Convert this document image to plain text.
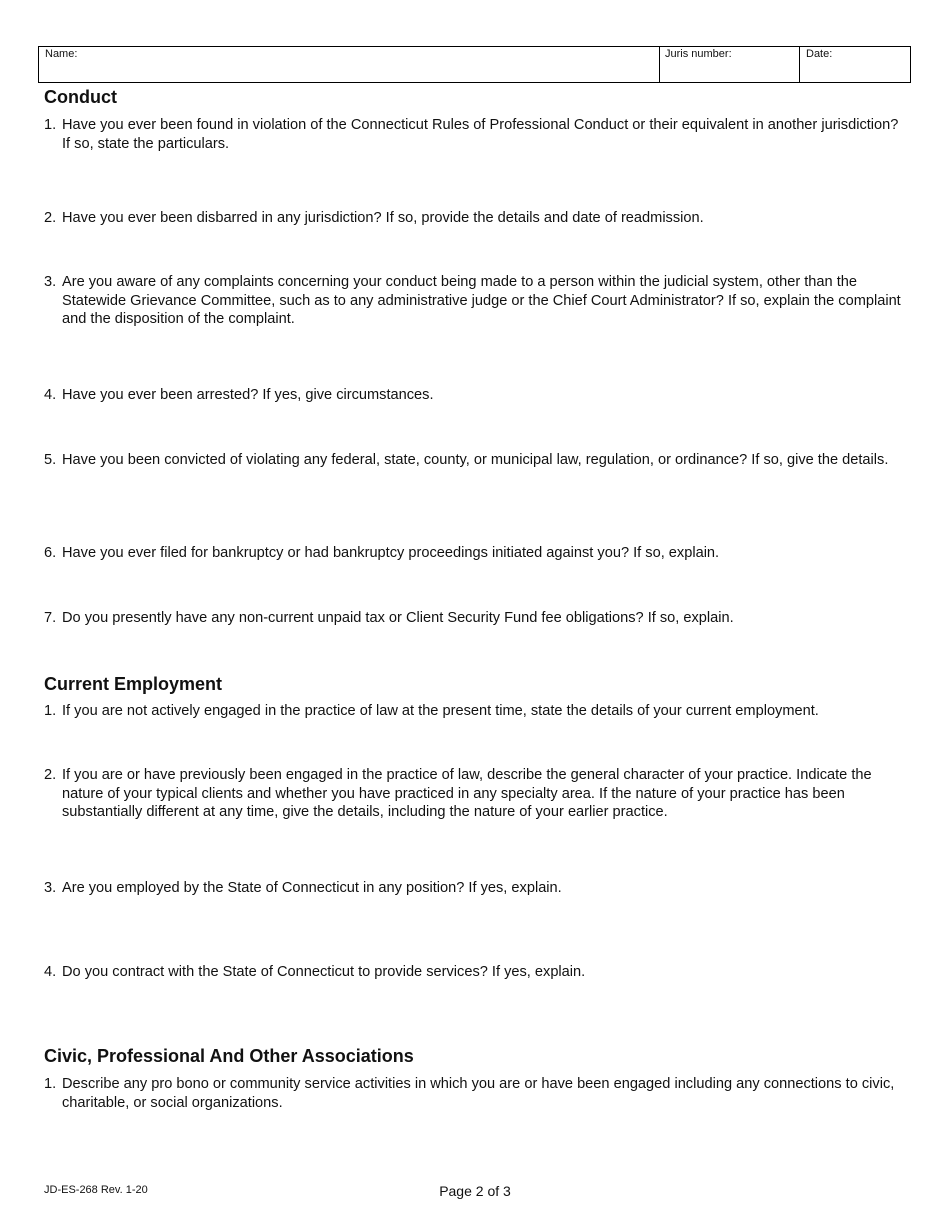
Name:	Juris number:	Date:
Conduct
1. Have you ever been found in violation of the Connecticut Rules of Professional Conduct or their equivalent in another jurisdiction? If so, state the particulars.
2. Have you ever been disbarred in any jurisdiction? If so, provide the details and date of readmission.
3. Are you aware of any complaints concerning your conduct being made to a person within the judicial system, other than the Statewide Grievance Committee, such as to any administrative judge or the Chief Court Administrator? If so, explain the complaint and the disposition of the complaint.
4. Have you ever been arrested? If yes, give circumstances.
5. Have you been convicted of violating any federal, state, county, or municipal law, regulation, or ordinance? If so, give the details.
6. Have you ever filed for bankruptcy or had bankruptcy proceedings initiated against you? If so, explain.
7. Do you presently have any non-current unpaid tax or Client Security Fund fee obligations? If so, explain.
Current Employment
1. If you are not actively engaged in the practice of law at the present time, state the details of your current employment.
2. If you are or have previously been engaged in the practice of law, describe the general character of your practice. Indicate the nature of your typical clients and whether you have practiced in any specialty area. If the nature of your practice has been substantially different at any time, give the details, including the nature of your earlier practice.
3. Are you employed by the State of Connecticut in any position? If yes, explain.
4. Do you contract with the State of Connecticut to provide services? If yes, explain.
Civic, Professional And Other Associations
1. Describe any pro bono or community service activities in which you are or have been engaged including any connections to civic, charitable, or social organizations.
JD-ES-268 Rev. 1-20	Page 2 of 3
